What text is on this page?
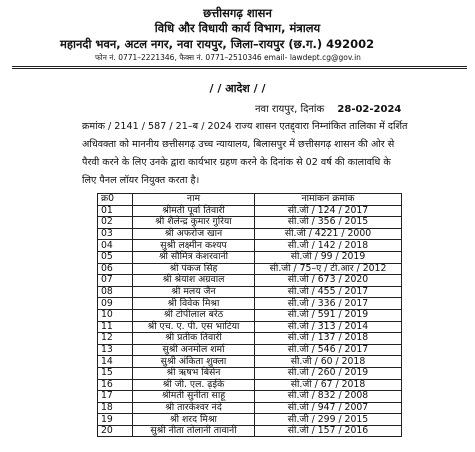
छत्तीसगढ़ शासन
विधि और विधायी कार्य विभाग, मंत्रालय
महानदी भवन, अटल नगर, नवा रायपुर, जिला–रायपुर (छ.ग.) 492002
फोन नं. 0771–2221346, फैक्स नं. 0771–2510346 email- lawdept.cg@gov.in
/ / आदेश / /
नवा रायपुर, दिनांक 28-02-2024
क्रमांक / 2141 / 587 / 21–ब / 2024 राज्य शासन एतद्द्वारा निम्नांकित तालिका में दर्शित
अधिवक्ता को माननीय छत्तीसगढ़ उच्च न्यायालय, बिलासपुर में छत्तीसगढ़ शासन की ओर से
पैरवी करने के लिए उनके द्वारा कार्यभार ग्रहण करने के दिनांक से 02 वर्ष की कालावधि के
लिए पैनल लॉयर नियुक्त करता है।
क्र0	नाम	नामांकन क्रमांक
01	श्रीमती पूर्वा तिवारी	सी.जी / 124 / 2017
02	श्री शैलेन्द्र कुमार गुरिया	सी.जी / 356 / 2015
03	श्री अफरोज खान	सी.जी / 4221 / 2000
04	सुश्री लक्ष्मीन कश्यप	सी.जी / 142 / 2018
05	श्री सौमित्र केशरवानी	सी.जी / 99 / 2019
06	श्री पंकज सिंह	सी.जी / 75–ए / टी.आर / 2012
07	श्री श्रेयांश अग्रवाल	सी.जी / 673 / 2020
08	श्री मलय जैन	सी.जी / 455 / 2017
09	श्री विवेक मिश्रा	सी.जी / 336 / 2017
10	श्री टोपीलाल बरेठ	सी.जी / 591 / 2019
11	श्री एच. ए. पी. एस भाटिया	सी.जी / 313 / 2014
12	श्री प्रतीक तिवारी	सी.जी / 137 / 2018
13	सुश्री अनमोल शर्मा	सी.जी / 546 / 2017
14	सुश्री अंकिता शुक्ला	सी.जी / 60 / 2018
15	श्री ऋषभ बिसेन	सी.जी / 260 / 2019
16	श्री जी. एल. ढ़ईके	सी.जी / 67 / 2018
17	श्रीमती सुनीता साहू	सी.जी / 832 / 2008
18	श्री तारकेश्वर नंदे	सी.जी / 947 / 2007
19	श्री शरद मिश्रा	सी.जी / 299 / 2015
20	सुश्री नीता तोलानी तावानी	सी.जी / 157 / 2016
